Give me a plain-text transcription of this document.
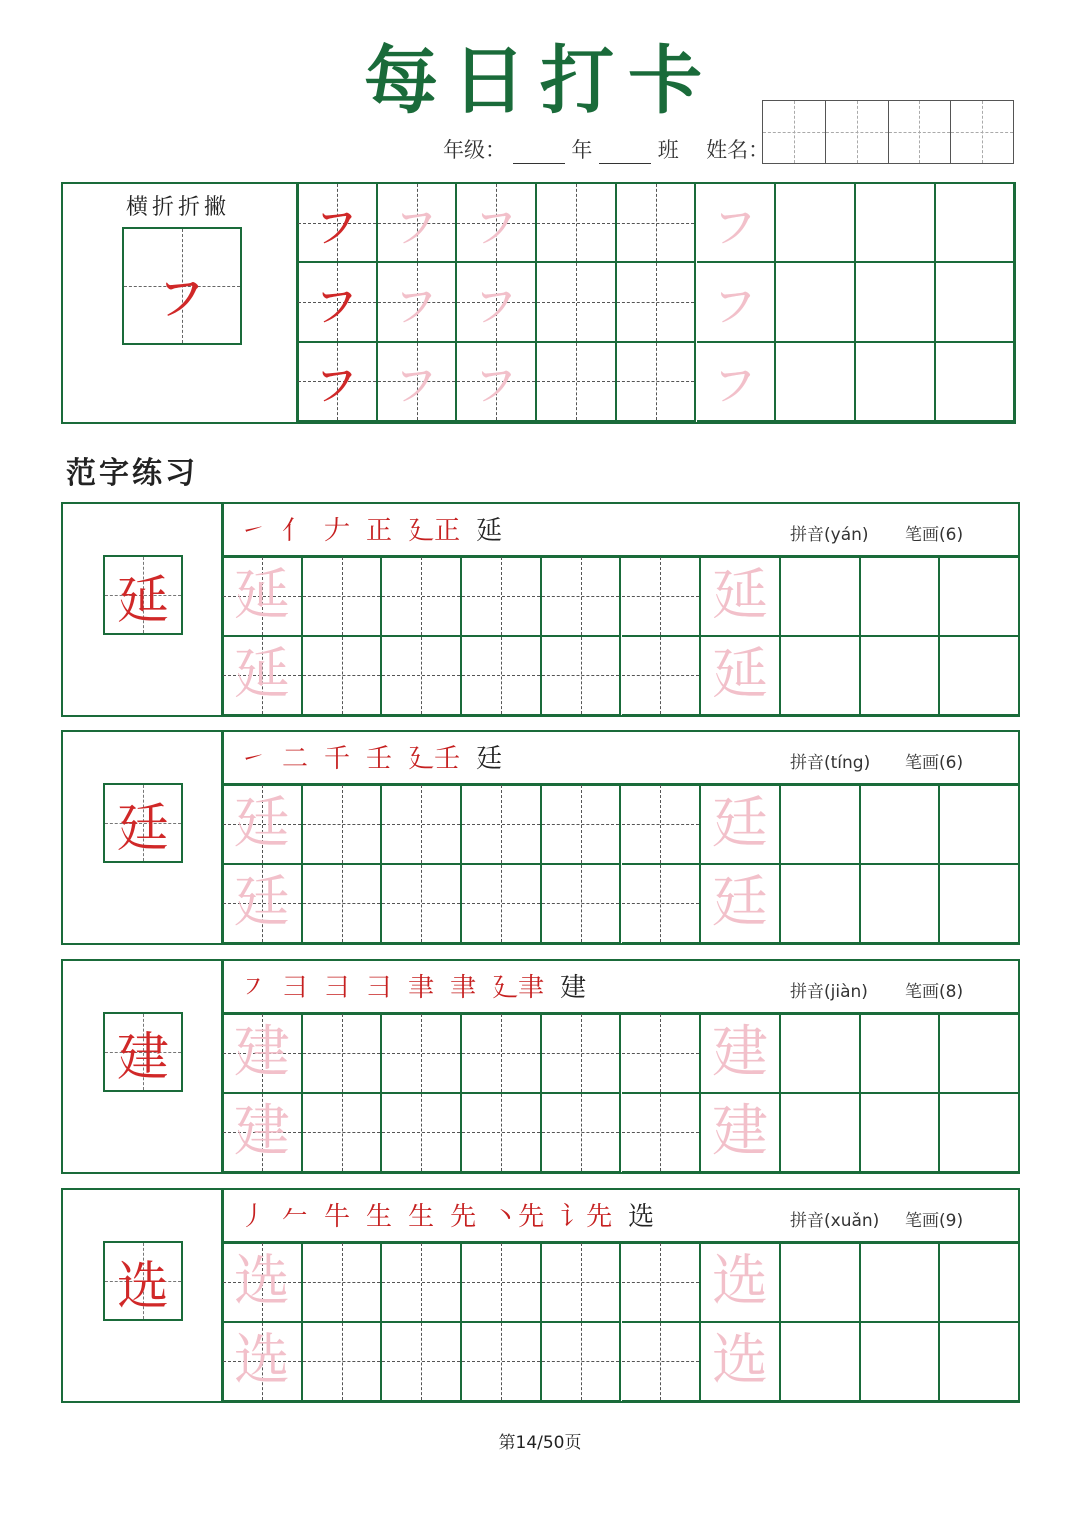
每日打卡
年级：	年	班 姓名：
横折折撇
ㇷ
ㇷ ㇷ ㇷ	ㇷ
ㇷ ㇷ ㇷ	ㇷ
ㇷ ㇷ ㇷ	ㇷ
范字练习
延
㇀ 亻 𠂇 正 廴正 延	拼音(yán) 笔画(6)
延	延
延	延
廷
㇀ 二 千 壬 廴壬 廷	拼音(tíng) 笔画(6)
廷	廷
廷	廷
建
㇇ ⺕ 彐 ⺕ 聿 聿 廴聿 建	拼音(jiàn) 笔画(8)
建	建
建	建
选
丿 𠂉 牛 生 生 先 丶先 讠先 选	拼音(xuǎn) 笔画(9)
选	选
选	选
第14/50页
